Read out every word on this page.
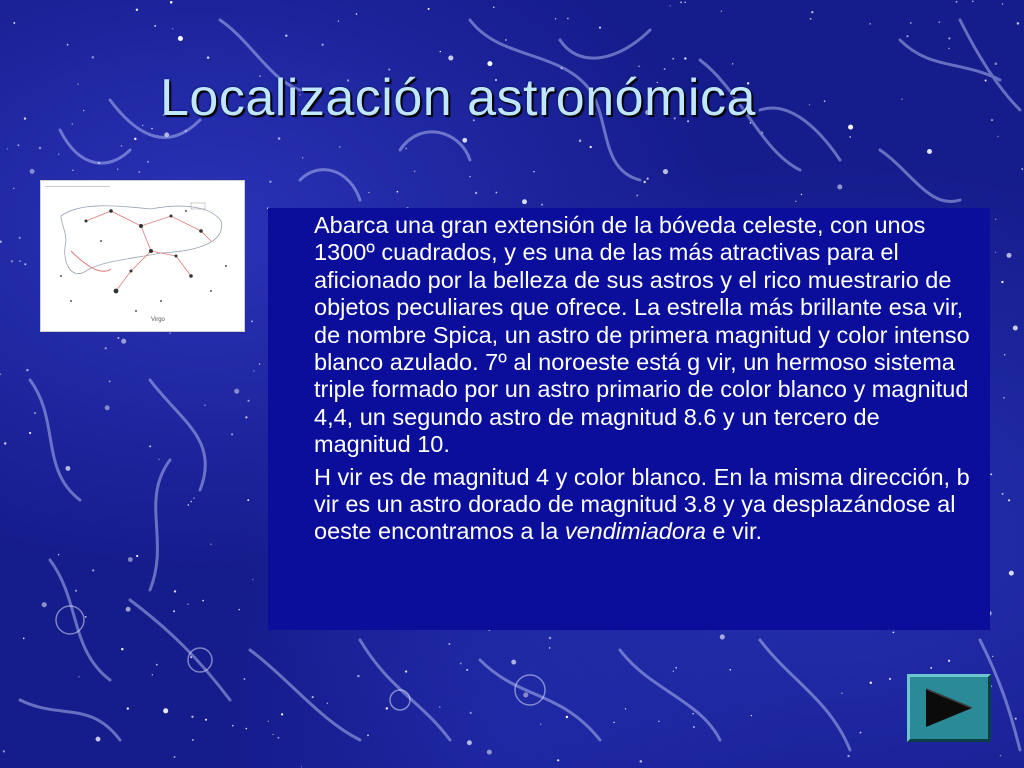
Localización astronómica
—————————————
Virgo

Abarca una gran extensión de la bóveda celeste, con unos 1300º cuadrados, y es una de las más atractivas para el aficionado por la belleza de sus astros y el rico muestrario de objetos peculiares que ofrece. La estrella más brillante esa vir, de nombre Spica, un astro de primera magnitud y color intenso blanco azulado. 7º al noroeste está g vir, un hermoso sistema triple formado por un astro primario de color blanco y magnitud 4,4, un segundo astro de magnitud 8.6 y un tercero de magnitud 10.

H vir es de magnitud 4 y color blanco. En la misma dirección, b vir es un astro dorado de magnitud 3.8 y ya desplazándose al oeste encontramos a la vendimiadora e vir.
